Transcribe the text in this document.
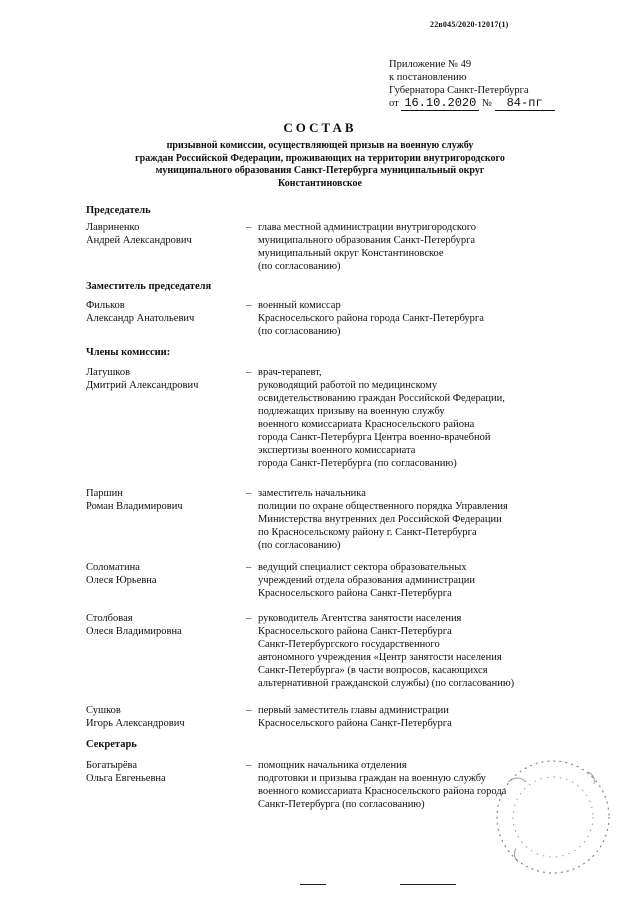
22в045/2020-12017(1)
Приложение № 49
к постановлению
Губернатора Санкт-Петербурга
от 16.10.2020 № 84-пг
СОСТАВ
призывной комиссии, осуществляющей призыв на военную службу
граждан Российской Федерации, проживающих на территории внутригородского
муниципального образования Санкт-Петербурга муниципальный округ
Константиновское
Председатель
Лавриненко
Андрей Александрович
– глава местной администрации внутригородского
муниципального образования Санкт-Петербурга
муниципальный округ Константиновское
(по согласованию)
Заместитель председателя
Фильков
Александр Анатольевич
– военный комиссар
Красносельского района города Санкт-Петербурга
(по согласованию)
Члены комиссии:
Латушков
Дмитрий Александрович
– врач-терапевт,
руководящий работой по медицинскому
освидетельствованию граждан Российской Федерации,
подлежащих призыву на военную службу
военного комиссариата Красносельского района
города Санкт-Петербурга Центра военно-врачебной
экспертизы военного комиссариата
города Санкт-Петербурга (по согласованию)
Паршин
Роман Владимирович
– заместитель начальника
полиции по охране общественного порядка Управления
Министерства внутренних дел Российской Федерации
по Красносельскому району г. Санкт-Петербурга
(по согласованию)
Соломатина
Олеся Юрьевна
– ведущий специалист сектора образовательных
учреждений отдела образования администрации
Красносельского района Санкт-Петербурга
Столбовая
Олеся Владимировна
– руководитель Агентства занятости населения
Красносельского района Санкт-Петербурга
Санкт-Петербургского государственного
автономного учреждения «Центр занятости населения
Санкт-Петербурга» (в части вопросов, касающихся
альтернативной гражданской службы) (по согласованию)
Сушков
Игорь Александрович
– первый заместитель главы администрации
Красносельского района Санкт-Петербурга
Секретарь
Богатырёва
Ольга Евгеньевна
– помощник начальника отделения
подготовки и призыва граждан на военную службу
военного комиссариата Красносельского района города
Санкт-Петербурга (по согласованию)
